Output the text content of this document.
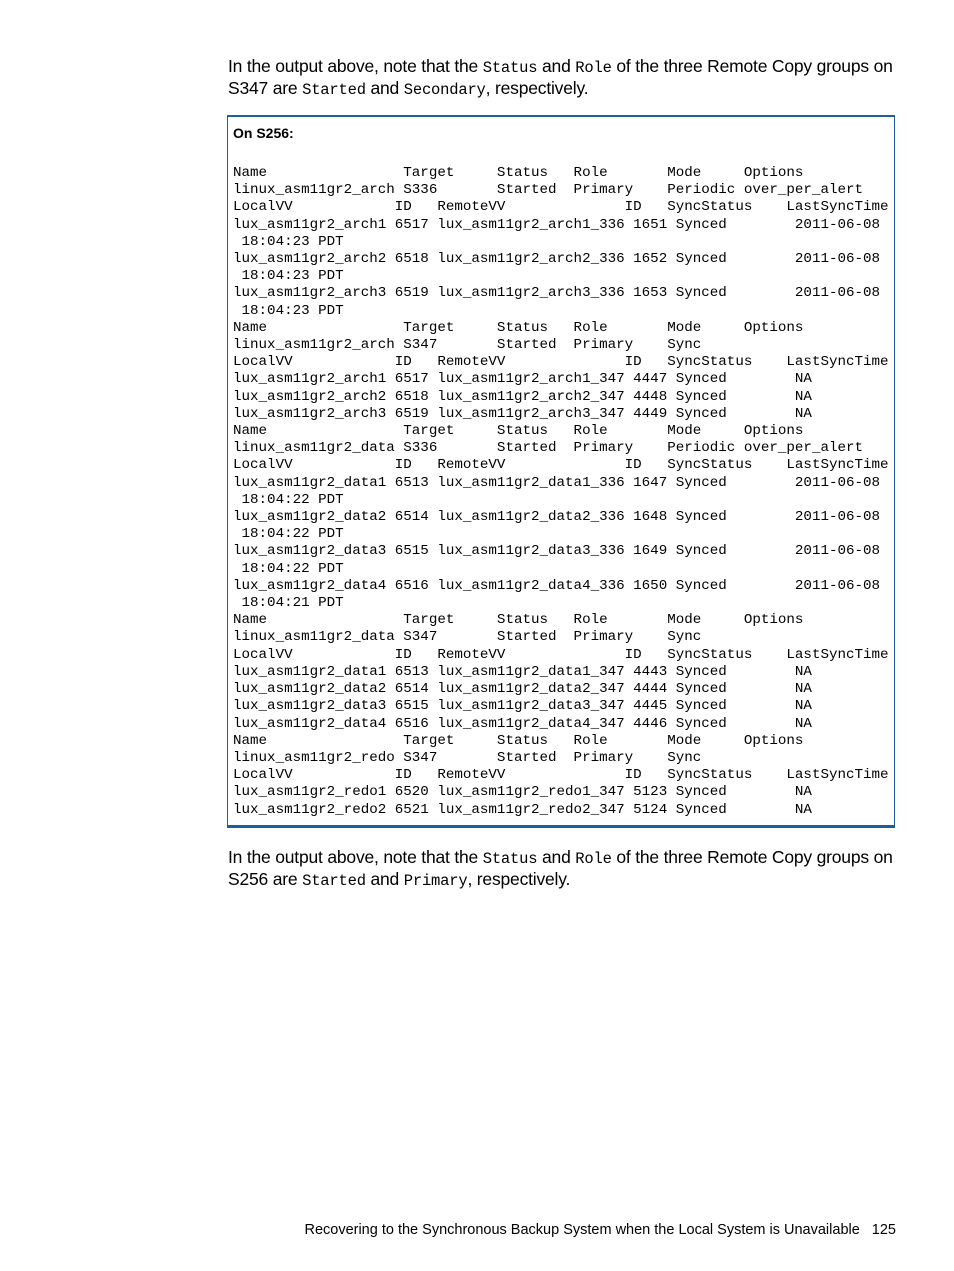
In the output above, note that the Status and Role of the three Remote Copy groups on S347 are Started and Secondary, respectively.

On S256:
Name                Target     Status   Role       Mode     Options
linux_asm11gr2_arch S336       Started  Primary    Periodic over_per_alert
LocalVV            ID   RemoteVV              ID   SyncStatus    LastSyncTime
lux_asm11gr2_arch1 6517 lux_asm11gr2_arch1_336 1651 Synced        2011-06-08
18:04:23 PDT
lux_asm11gr2_arch2 6518 lux_asm11gr2_arch2_336 1652 Synced        2011-06-08
18:04:23 PDT
lux_asm11gr2_arch3 6519 lux_asm11gr2_arch3_336 1653 Synced        2011-06-08
18:04:23 PDT
Name                Target     Status   Role       Mode     Options
linux_asm11gr2_arch S347       Started  Primary    Sync
LocalVV            ID   RemoteVV              ID   SyncStatus    LastSyncTime
lux_asm11gr2_arch1 6517 lux_asm11gr2_arch1_347 4447 Synced        NA
lux_asm11gr2_arch2 6518 lux_asm11gr2_arch2_347 4448 Synced        NA
lux_asm11gr2_arch3 6519 lux_asm11gr2_arch3_347 4449 Synced        NA
Name                Target     Status   Role       Mode     Options
linux_asm11gr2_data S336       Started  Primary    Periodic over_per_alert
LocalVV            ID   RemoteVV              ID   SyncStatus    LastSyncTime
lux_asm11gr2_data1 6513 lux_asm11gr2_data1_336 1647 Synced        2011-06-08
18:04:22 PDT
lux_asm11gr2_data2 6514 lux_asm11gr2_data2_336 1648 Synced        2011-06-08
18:04:22 PDT
lux_asm11gr2_data3 6515 lux_asm11gr2_data3_336 1649 Synced        2011-06-08
18:04:22 PDT
lux_asm11gr2_data4 6516 lux_asm11gr2_data4_336 1650 Synced        2011-06-08
18:04:21 PDT
Name                Target     Status   Role       Mode     Options
linux_asm11gr2_data S347       Started  Primary    Sync
LocalVV            ID   RemoteVV              ID   SyncStatus    LastSyncTime
lux_asm11gr2_data1 6513 lux_asm11gr2_data1_347 4443 Synced        NA
lux_asm11gr2_data2 6514 lux_asm11gr2_data2_347 4444 Synced        NA
lux_asm11gr2_data3 6515 lux_asm11gr2_data3_347 4445 Synced        NA
lux_asm11gr2_data4 6516 lux_asm11gr2_data4_347 4446 Synced        NA
Name                Target     Status   Role       Mode     Options
linux_asm11gr2_redo S347       Started  Primary    Sync
LocalVV            ID   RemoteVV              ID   SyncStatus    LastSyncTime
lux_asm11gr2_redo1 6520 lux_asm11gr2_redo1_347 5123 Synced        NA
lux_asm11gr2_redo2 6521 lux_asm11gr2_redo2_347 5124 Synced        NA

In the output above, note that the Status and Role of the three Remote Copy groups on S256 are Started and Primary, respectively.

Recovering to the Synchronous Backup System when the Local System is Unavailable 125
